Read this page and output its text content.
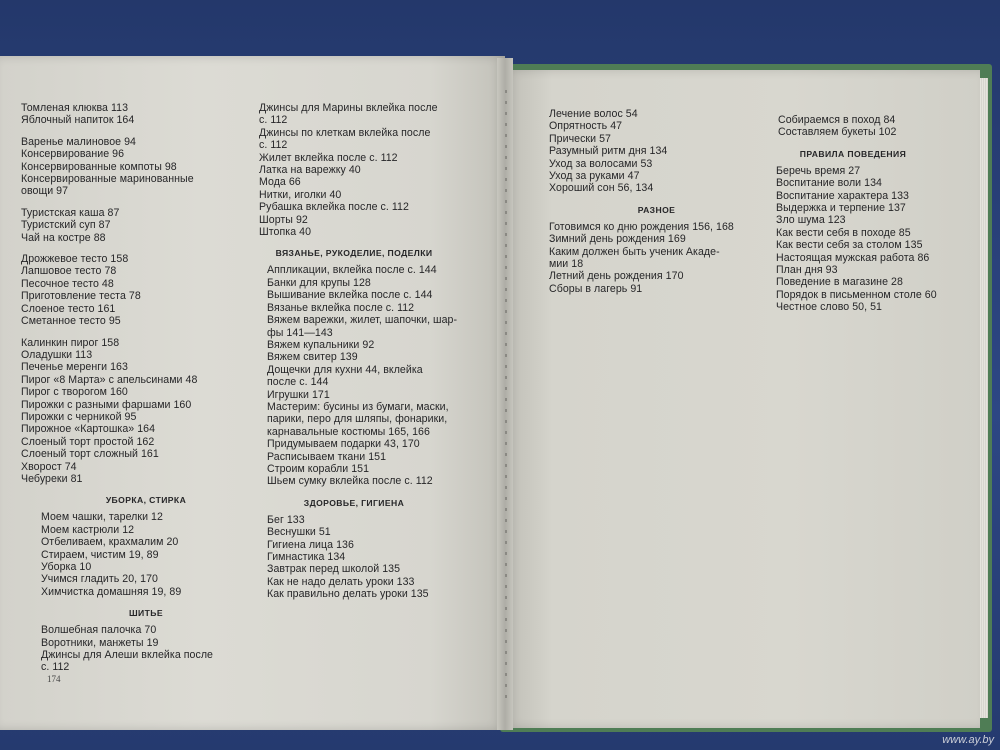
Томленая клюква 113
Яблочный напиток 164
Варенье малиновое 94
Консервирование 96
Консервированные компоты 98
Консервированные маринованные
овощи 97
Туристская каша 87
Туристский суп 87
Чай на костре 88
Дрожжевое тесто 158
Лапшовое тесто 78
Песочное тесто 48
Приготовление теста 78
Слоеное тесто 161
Сметанное тесто 95
Калинкин пирог 158
Оладушки 113
Печенье меренги 163
Пирог «8 Марта» с апельсинами 48
Пирог с творогом 160
Пирожки с разными фаршами 160
Пирожки с черникой 95
Пирожное «Картошка» 164
Слоеный торт простой 162
Слоеный торт сложный 161
Хворост 74
Чебуреки 81
УБОРКА, СТИРКА
Моем чашки, тарелки 12
Моем кастрюли 12
Отбеливаем, крахмалим 20
Стираем, чистим 19, 89
Уборка 10
Учимся гладить 20, 170
Химчистка домашняя 19, 89
ШИТЬЕ
Волшебная палочка 70
Воротники, манжеты 19
Джинсы для Алеши вклейка после
с. 112
Джинсы для Марины вклейка после
с. 112
Джинсы по клеткам вклейка после
с. 112
Жилет вклейка после с. 112
Латка на варежку 40
Мода 66
Нитки, иголки 40
Рубашка вклейка после с. 112
Шорты 92
Штопка 40
ВЯЗАНЬЕ, РУКОДЕЛИЕ, ПОДЕЛКИ
Аппликации, вклейка после с. 144
Банки для крупы 128
Вышивание вклейка после с. 144
Вязанье вклейка после с. 112
Вяжем варежки, жилет, шапочки, шар-
фы 141—143
Вяжем купальники 92
Вяжем свитер 139
Дощечки для кухни 44, вклейка
после с. 144
Игрушки 171
Мастерим: бусины из бумаги, маски,
парики, перо для шляпы, фонарики,
карнавальные костюмы 165, 166
Придумываем подарки 43, 170
Расписываем ткани 151
Строим корабли 151
Шьем сумку вклейка после с. 112
ЗДОРОВЬЕ, ГИГИЕНА
Бег 133
Веснушки 51
Гигиена лица 136
Гимнастика 134
Завтрак перед школой 135
Как не надо делать уроки 133
Как правильно делать уроки 135
174
Лечение волос 54
Опрятность 47
Прически 57
Разумный ритм дня 134
Уход за волосами 53
Уход за руками 47
Хороший сон 56, 134
РАЗНОЕ
Готовимся ко дню рождения 156, 168
Зимний день рождения 169
Каким должен быть ученик Акаде-
мии 18
Летний день рождения 170
Сборы в лагерь 91
Собираемся в поход 84
Составляем букеты 102
ПРАВИЛА ПОВЕДЕНИЯ
Беречь время 27
Воспитание воли 134
Воспитание характера 133
Выдержка и терпение 137
Зло шума 123
Как вести себя в походе 85
Как вести себя за столом 135
Настоящая мужская работа 86
План дня 93
Поведение в магазине 28
Порядок в письменном столе 60
Честное слово 50, 51
www.ay.by
